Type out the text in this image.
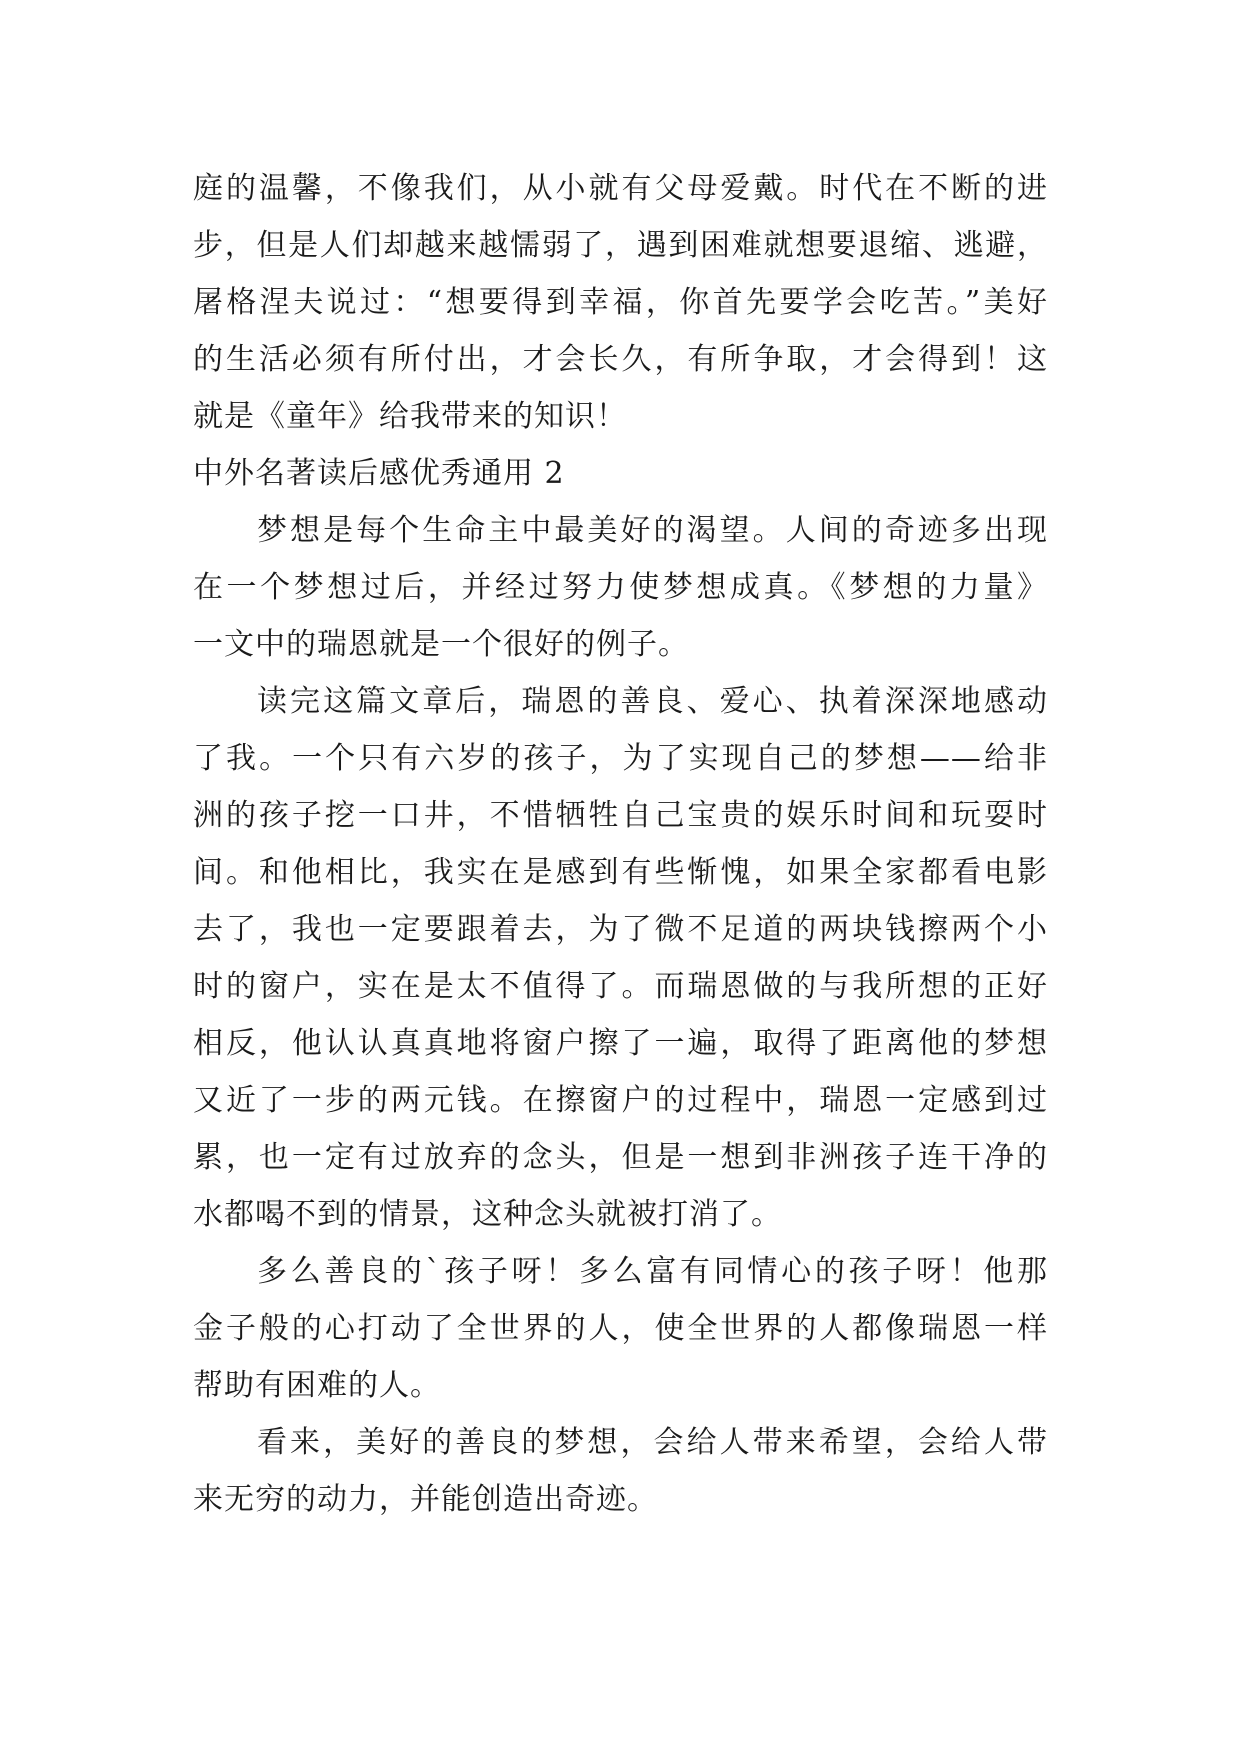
庭的温馨，不像我们，从小就有父母爱戴。时代在不断的进
步，但是人们却越来越懦弱了，遇到困难就想要退缩、逃避，
屠格涅夫说过：“想要得到幸福，你首先要学会吃苦。”美好
的生活必须有所付出，才会长久，有所争取，才会得到！这
就是《童年》给我带来的知识！
中外名著读后感优秀通用 2
梦想是每个生命主中最美好的渴望。人间的奇迹多出现
在一个梦想过后，并经过努力使梦想成真。《梦想的力量》
一文中的瑞恩就是一个很好的例子。
读完这篇文章后，瑞恩的善良、爱心、执着深深地感动
了我。一个只有六岁的孩子，为了实现自己的梦想——给非
洲的孩子挖一口井，不惜牺牲自己宝贵的娱乐时间和玩耍时
间。和他相比，我实在是感到有些惭愧，如果全家都看电影
去了，我也一定要跟着去，为了微不足道的两块钱擦两个小
时的窗户，实在是太不值得了。而瑞恩做的与我所想的正好
相反，他认认真真地将窗户擦了一遍，取得了距离他的梦想
又近了一步的两元钱。在擦窗户的过程中，瑞恩一定感到过
累，也一定有过放弃的念头，但是一想到非洲孩子连干净的
水都喝不到的情景，这种念头就被打消了。
多么善良的`孩子呀！多么富有同情心的孩子呀！他那
金子般的心打动了全世界的人，使全世界的人都像瑞恩一样
帮助有困难的人。
看来，美好的善良的梦想，会给人带来希望，会给人带
来无穷的动力，并能创造出奇迹。
